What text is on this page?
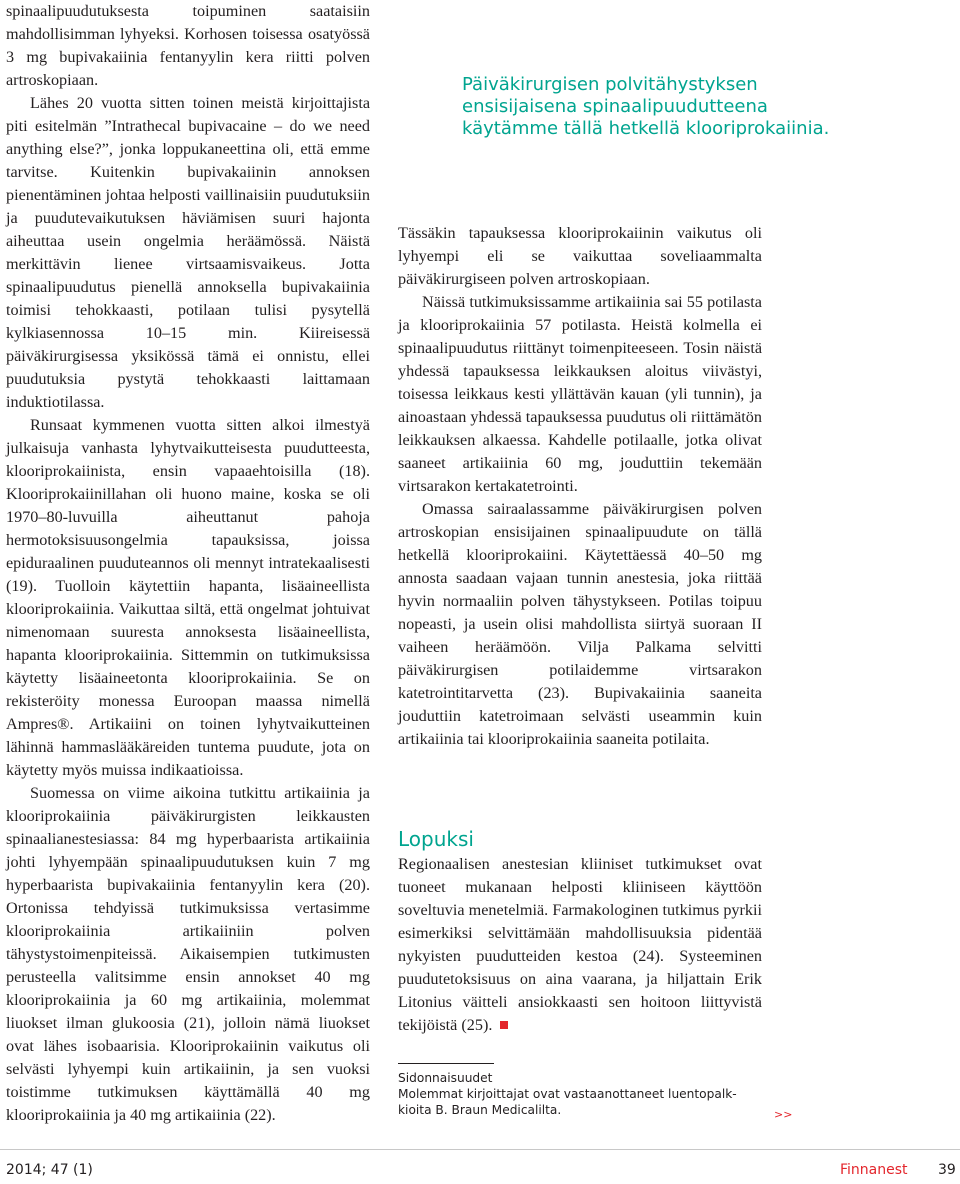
spinaalipuudutuksesta toipuminen saataisiin mahdollisimman lyhyeksi. Korhosen toisessa osatyössä 3 mg bupivakaiinia fentanyylin kera riitti polven artroskopiaan.

Lähes 20 vuotta sitten toinen meistä kirjoittajista piti esitelmän ”Intrathecal bupivacaine – do we need anything else?”, jonka loppukaneettina oli, että emme tarvitse. Kuitenkin bupivakaiinin annoksen pienentäminen johtaa helposti vaillinaisiin puudutuksiin ja puudutevaikutuksen häviämisen suuri hajonta aiheuttaa usein ongelmia heräämössä. Näistä merkittävin lienee virtsaamisvaikeus. Jotta spinaalipuudutus pienellä annoksella bupivakaiinia toimisi tehokkaasti, potilaan tulisi pysytellä kylkiasennossa 10–15 min. Kiireisessä päiväkirurgisessa yksikössä tämä ei onnistu, ellei puudutuksia pystytä tehokkaasti laittamaan induktiotilassa.

Runsaat kymmenen vuotta sitten alkoi ilmestyä julkaisuja vanhasta lyhytvaikutteisesta puudutteesta, klooriprokaiinista, ensin vapaaehtoisilla (18). Klooriprokaiinillahan oli huono maine, koska se oli 1970–80-luvuilla aiheuttanut pahoja hermotoksisuusongelmia tapauksissa, joissa epiduraalinen puuduteannos oli mennyt intratekaalisesti (19). Tuolloin käytettiin hapanta, lisäaineellista klooriprokaiinia. Vaikuttaa siltä, että ongelmat johtuivat nimenomaan suuresta annoksesta lisäaineellista, hapanta klooriprokaiinia. Sittemmin on tutkimuksissa käytetty lisäaineetonta klooriprokaiinia. Se on rekisteröity monessa Euroopan maassa nimellä Ampres®. Artikaiini on toinen lyhytvaikutteinen lähinnä hammaslääkäreiden tuntema puudute, jota on käytetty myös muissa indikaatioissa.

Suomessa on viime aikoina tutkittu artikaiinia ja klooriprokaiinia päiväkirurgisten leikkausten spinaalianestesiassa: 84 mg hyperbaarista artikaiinia johti lyhyempään spinaalipuudutuksen kuin 7 mg hyperbaarista bupivakaiinia fentanyylin kera (20). Ortonissa tehdyissä tutkimuksissa vertasimme klooriprokaiinia artikaiiniin polven tähystystoimenpiteissä. Aikaisempien tutkimusten perusteella valitsimme ensin annokset 40 mg klooriprokaiinia ja 60 mg artikaiinia, molemmat liuokset ilman glukoosia (21), jolloin nämä liuokset ovat lähes isobaarisia. Klooriprokaiinin vaikutus oli selvästi lyhyempi kuin artikaiinin, ja sen vuoksi toistimme tutkimuksen käyttämällä 40 mg klooriprokaiinia ja 40 mg artikaiinia (22).

Päiväkirurgisen polvitähystyksen
ensisijaisena spinaalipuudutteena
käytämme tällä hetkellä klooriprokaiinia.

Tässäkin tapauksessa klooriprokaiinin vaikutus oli lyhyempi eli se vaikuttaa soveliaammalta päiväkirurgiseen polven artroskopiaan.

Näissä tutkimuksissamme artikaiinia sai 55 potilasta ja klooriprokaiinia 57 potilasta. Heistä kolmella ei spinaalipuudutus riittänyt toimenpiteeseen. Tosin näistä yhdessä tapauksessa leikkauksen aloitus viivästyi, toisessa leikkaus kesti yllättävän kauan (yli tunnin), ja ainoastaan yhdessä tapauksessa puudutus oli riittämätön leikkauksen alkaessa. Kahdelle potilaalle, jotka olivat saaneet artikaiinia 60 mg, jouduttiin tekemään virtsarakon kertakatetrointi.

Omassa sairaalassamme päiväkirurgisen polven artroskopian ensisijainen spinaalipuudute on tällä hetkellä klooriprokaiini. Käytettäessä 40–50 mg annosta saadaan vajaan tunnin anestesia, joka riittää hyvin normaaliin polven tähystykseen. Potilas toipuu nopeasti, ja usein olisi mahdollista siirtyä suoraan II vaiheen heräämöön. Vilja Palkama selvitti päiväkirurgisen potilaidemme virtsarakon katetrointitarvetta (23). Bupivakaiinia saaneita jouduttiin katetroimaan selvästi useammin kuin artikaiinia tai klooriprokaiinia saaneita potilaita.

Lopuksi

Regionaalisen anestesian kliiniset tutkimukset ovat tuoneet mukanaan helposti kliiniseen käyttöön soveltuvia menetelmiä. Farmakologinen tutkimus pyrkii esimerkiksi selvittämään mahdollisuuksia pidentää nykyisten puudutteiden kestoa (24). Systeeminen puudutetoksisuus on aina vaarana, ja hiljattain Erik Litonius väitteli ansiokkaasti sen hoitoon liittyvistä tekijöistä (25).

Sidonnaisuudet
Molemmat kirjoittajat ovat vastaanottaneet luentopalk-
kioita B. Braun Medicalilta.	>>
2014; 47 (1)	Finnanest 39
